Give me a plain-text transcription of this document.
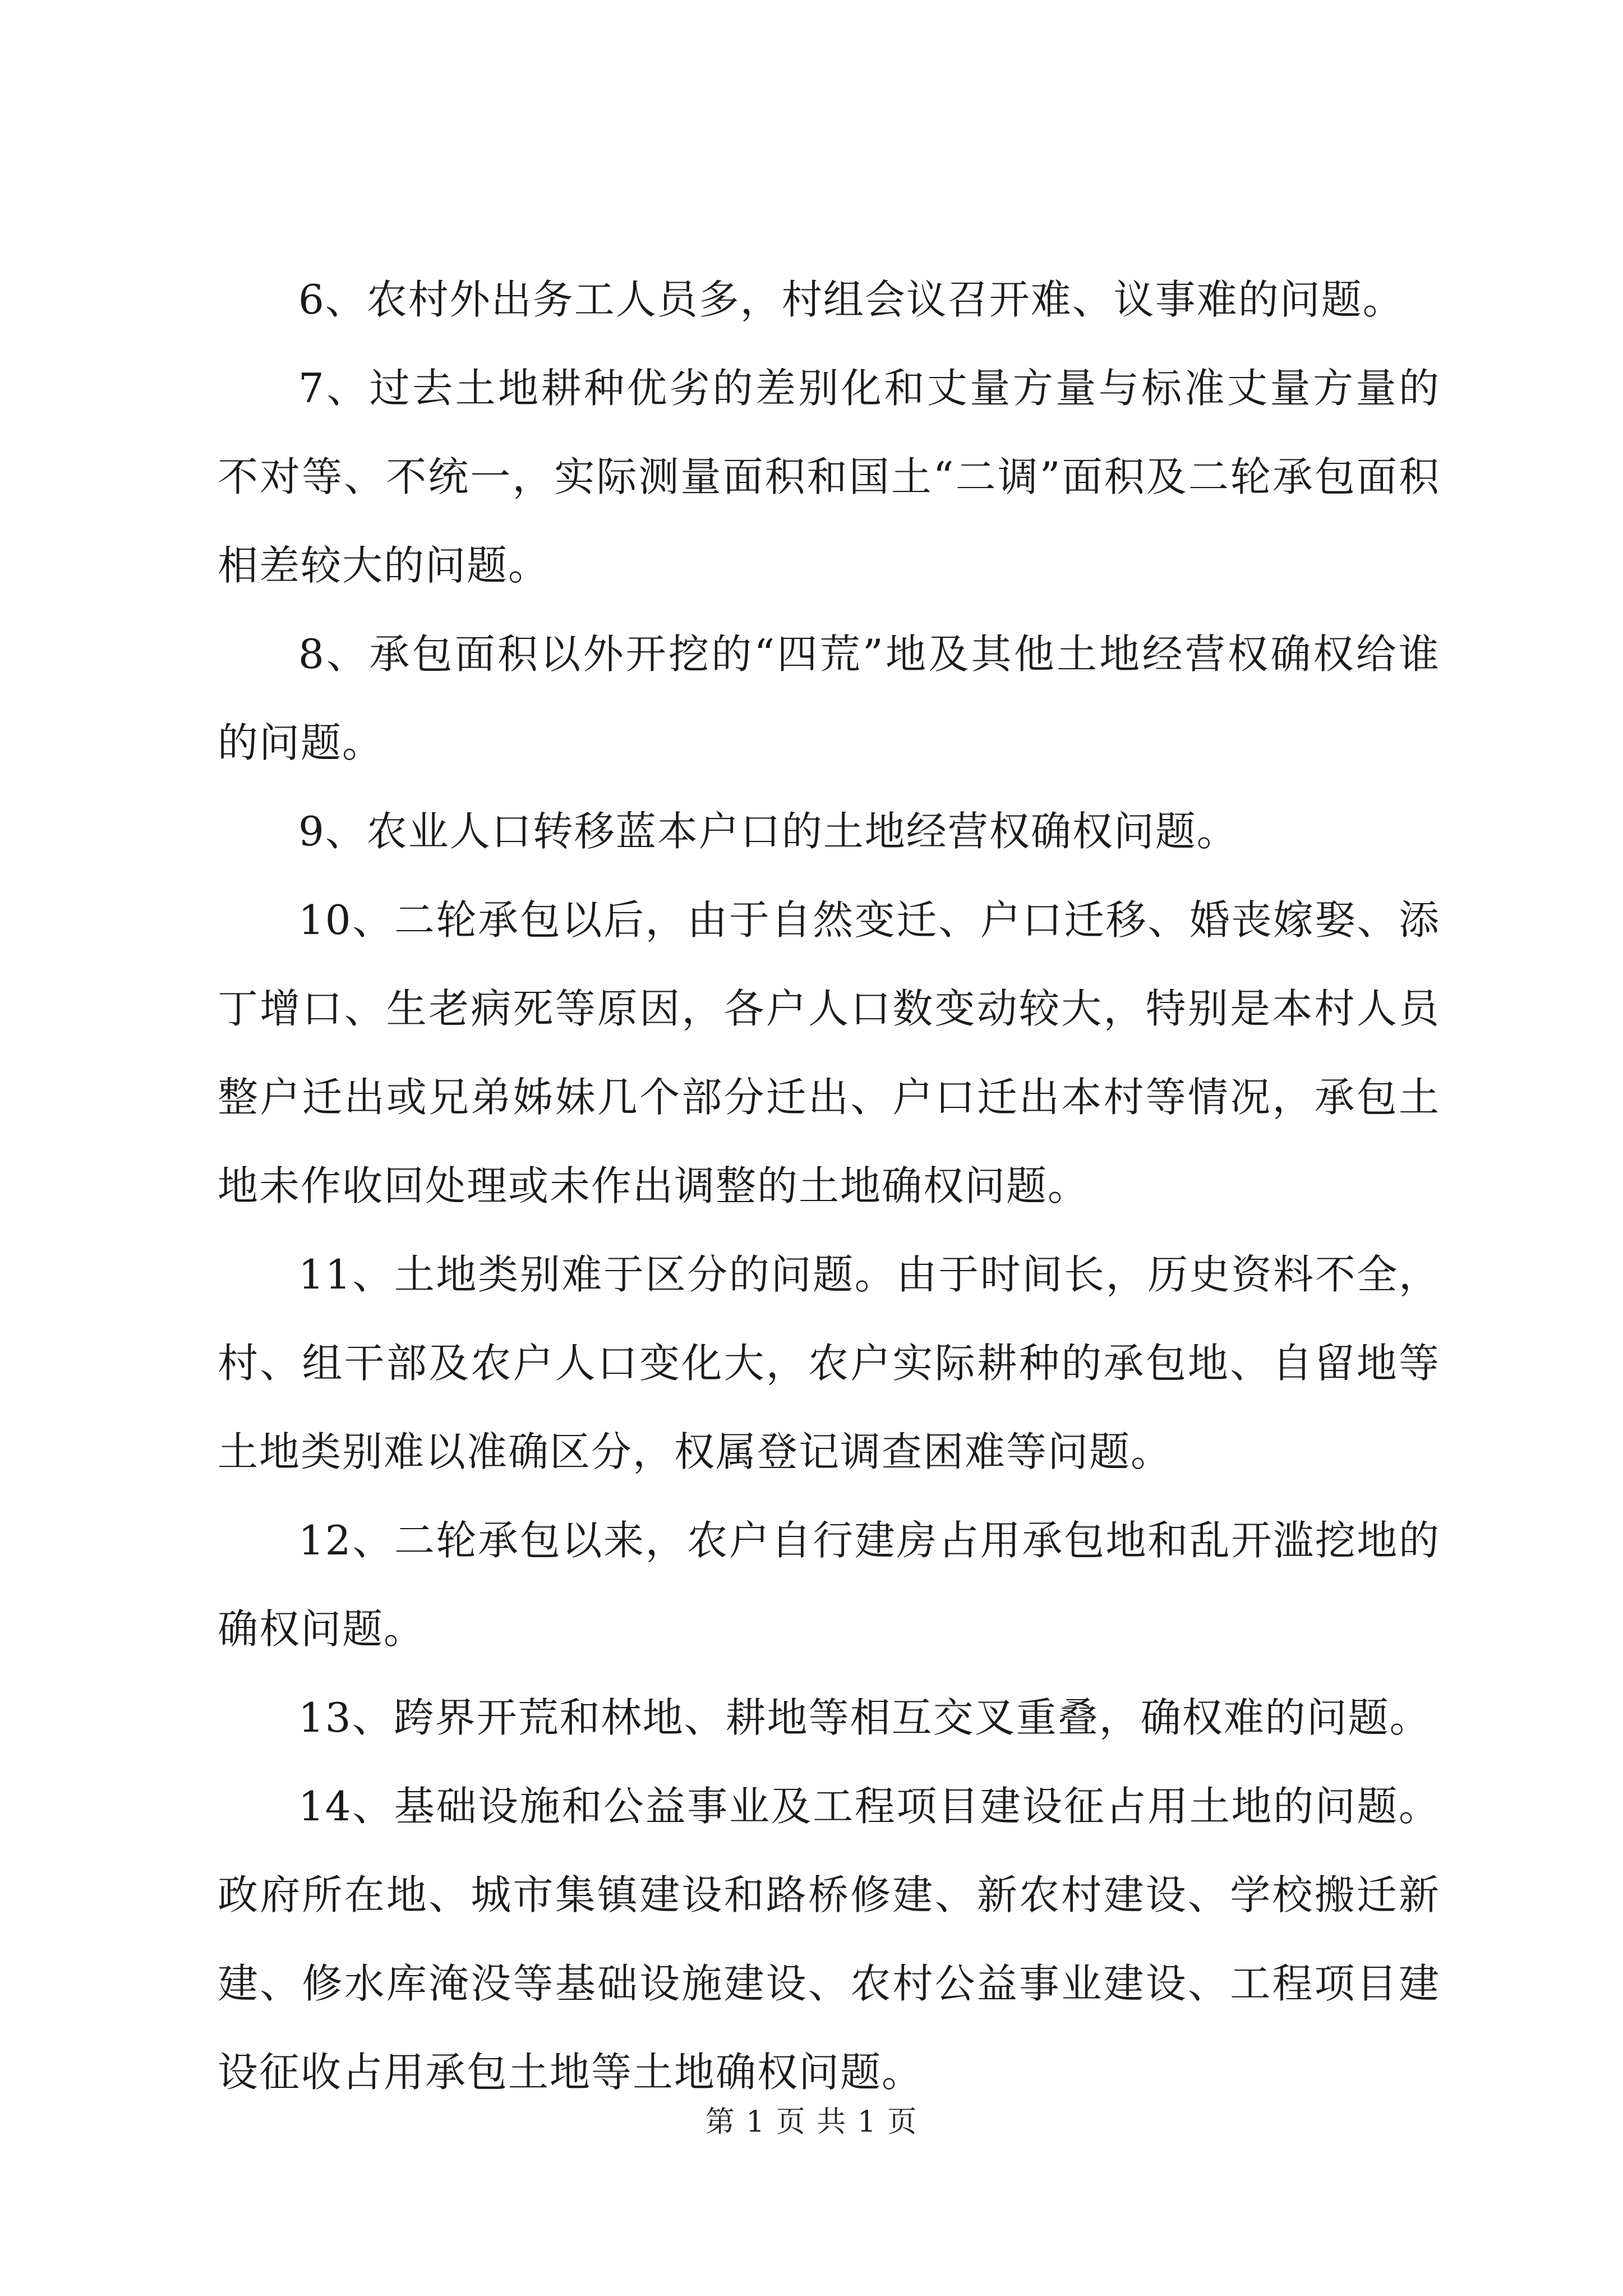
6、农村外出务工人员多，村组会议召开难、议事难的问题。

7、过去土地耕种优劣的差别化和丈量方量与标准丈量方量的不对等、不统一，实际测量面积和国土“二调”面积及二轮承包面积相差较大的问题。

8、承包面积以外开挖的“四荒”地及其他土地经营权确权给谁的问题。

9、农业人口转移蓝本户口的土地经营权确权问题。

10、二轮承包以后，由于自然变迁、户口迁移、婚丧嫁娶、添丁增口、生老病死等原因，各户人口数变动较大，特别是本村人员整户迁出或兄弟姊妹几个部分迁出、户口迁出本村等情况，承包土地未作收回处理或未作出调整的土地确权问题。

11、土地类别难于区分的问题。由于时间长，历史资料不全，村、组干部及农户人口变化大，农户实际耕种的承包地、自留地等土地类别难以准确区分，权属登记调查困难等问题。

12、二轮承包以来，农户自行建房占用承包地和乱开滥挖地的确权问题。

13、跨界开荒和林地、耕地等相互交叉重叠，确权难的问题。

14、基础设施和公益事业及工程项目建设征占用土地的问题。政府所在地、城市集镇建设和路桥修建、新农村建设、学校搬迁新建、修水库淹没等基础设施建设、农村公益事业建设、工程项目建设征收占用承包土地等土地确权问题。

第 1 页 共 1 页
